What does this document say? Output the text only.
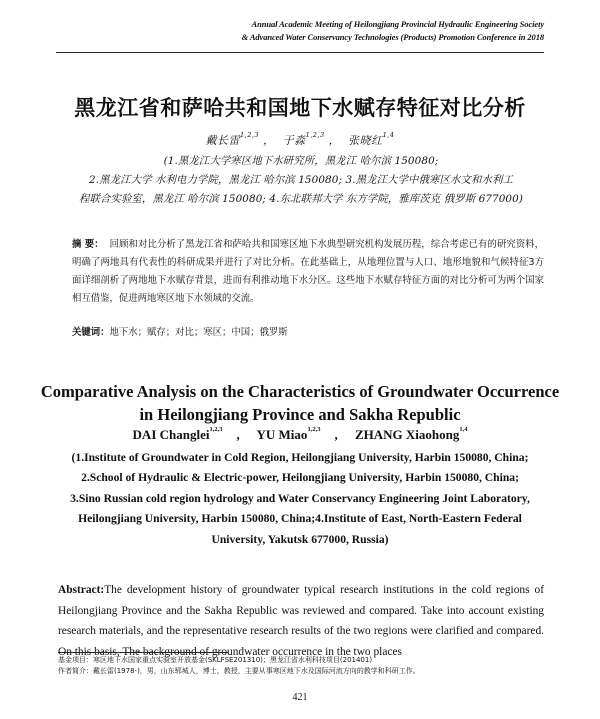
Annual Academic Meeting of Heilongjiang Provincial Hydraulic Engineering Society
& Advanced Water Conservancy Technologies (Products) Promotion Conference in 2018
黑龙江省和萨哈共和国地下水赋存特征对比分析
戴长雷$^{1,2,3}$ ， 于淼$^{1,2,3}$ ， 张晓红$^{1,4}$
(1.黑龙江大学寒区地下水研究所，黑龙江 哈尔滨 150080;
2.黑龙江大学 水利电力学院，黑龙江 哈尔滨 150080; 3.黑龙江大学中俄寒区水文和水利工
程联合实验室，黑龙江 哈尔滨 150080; 4.东北联邦大学 东方学院，雅库茨克 俄罗斯 677000)
摘 要： 回顾和对比分析了黑龙江省和萨哈共和国寒区地下水典型研究机构发展历程，综合考虑已有的研究资料，明确了两地具有代表性的科研成果并进行了对比分析。在此基础上，从地理位置与人口、地形地貌和气候特征3方面详细剖析了两地地下水赋存背景，进而有利推动地下水分区。这些地下水赋存特征方面的对比分析可为两个国家相互借鉴，促进两地寒区地下水领域的交流。
关键词：地下水；赋存；对比；寒区；中国；俄罗斯
Comparative Analysis on the Characteristics of Groundwater Occurrence
in Heilongjiang Province and Sakha Republic
DAI Changlei$^{1,2,3}$ , YU Miao$^{1,2,3}$ , ZHANG Xiaohong$^{1,4}$
(1.Institute of Groundwater in Cold Region, Heilongjiang University, Harbin 150080, China;
2.School of Hydraulic & Electric-power, Heilongjiang University, Harbin 150080, China;
3.Sino Russian cold region hydrology and Water Conservancy Engineering Joint Laboratory,
Heilongjiang University, Harbin 150080, China;4.Institute of East, North-Eastern Federal
University, Yakutsk 677000, Russia)
Abstract:The development history of groundwater typical research institutions in the cold regions of Heilongjiang Province and the Sakha Republic was reviewed and compared. Take into account existing research materials, and the representative research results of the two regions were clarified and compared. On this basis, The background of groundwater occurrence in the two places
基金项目：寒区地下水国家重点实验室开放基金(SKLFSE201310)；黑龙江省水利科技项目(201401)
作者简介：戴长雷(1978-)，男，山东郓城人，博士，教授，主要从事寒区地下水及国际河流方向的教学和科研工作。
421
